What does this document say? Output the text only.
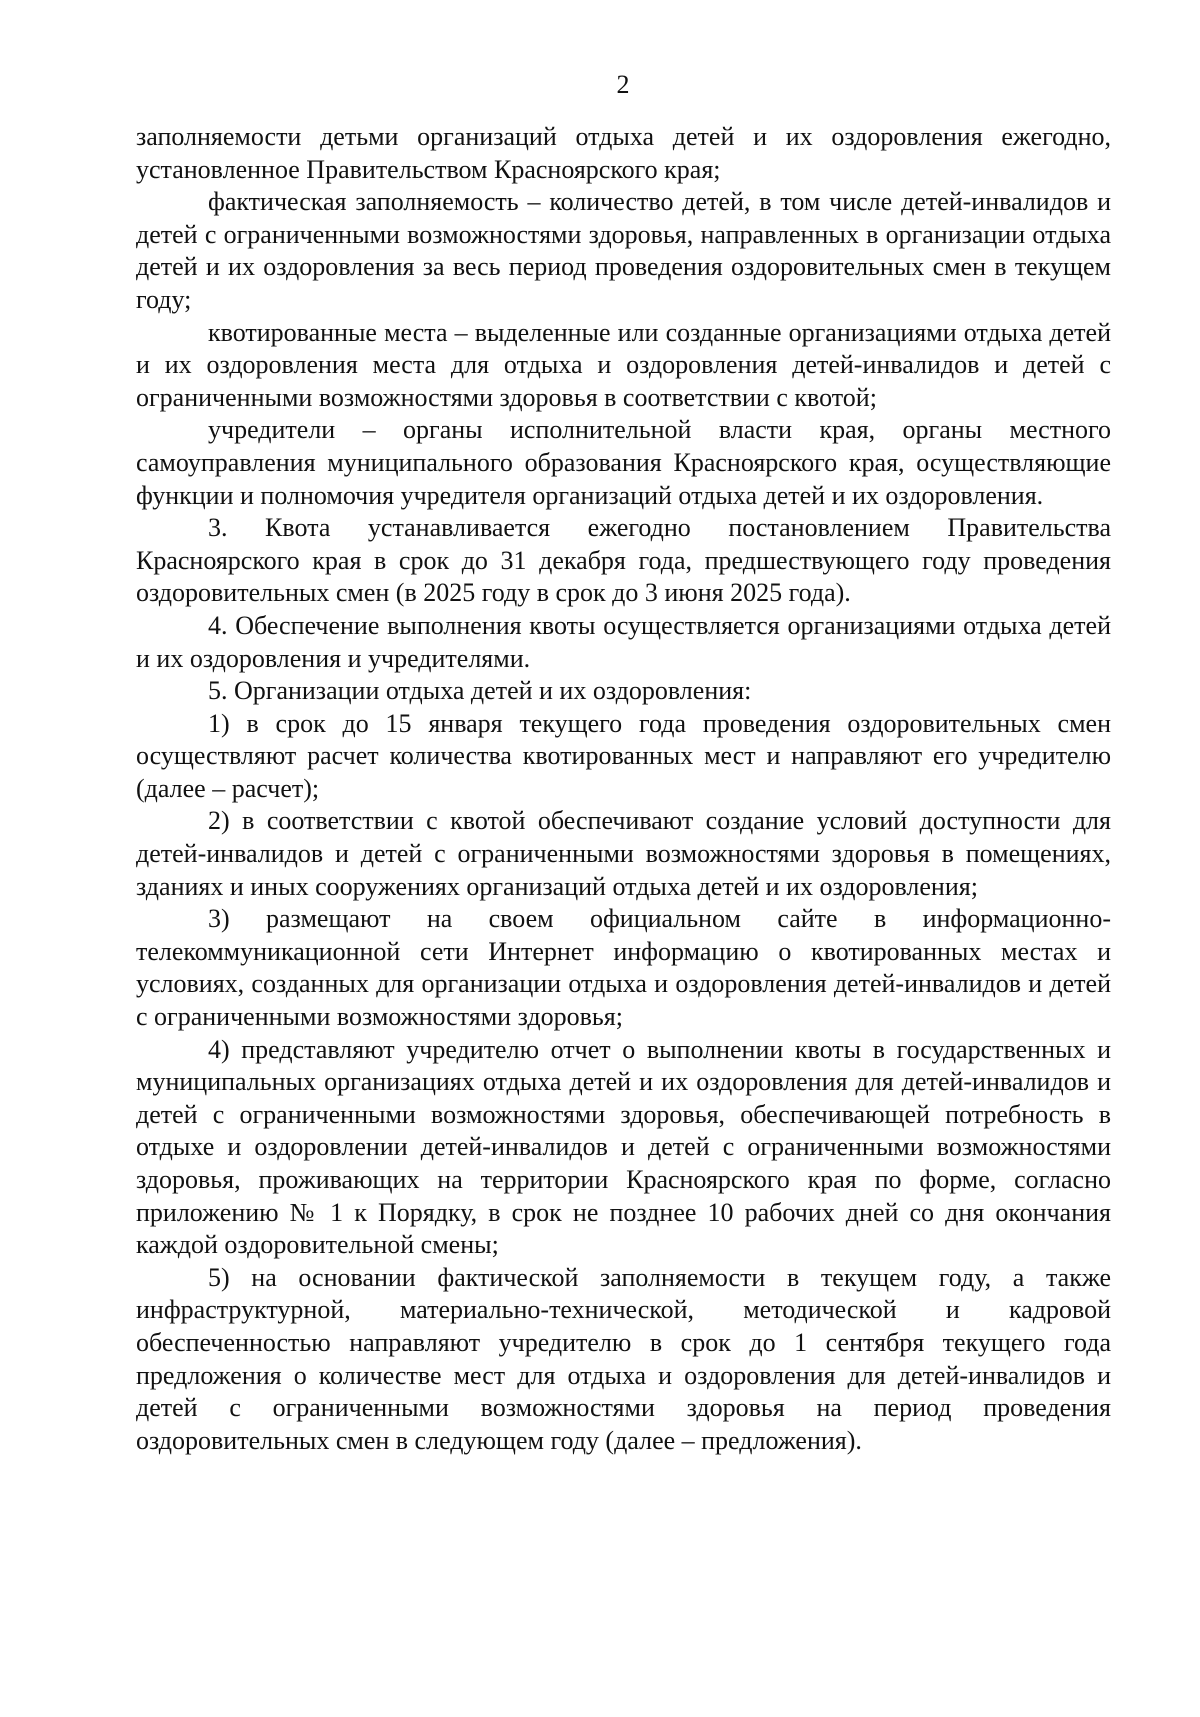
2

заполняемости детьми организаций отдыха детей и их оздоровления ежегодно, установленное Правительством Красноярского края;

фактическая заполняемость – количество детей, в том числе детей-инвалидов и детей с ограниченными возможностями здоровья, направленных в организации отдыха детей и их оздоровления за весь период проведения оздоровительных смен в текущем году;

квотированные места – выделенные или созданные организациями отдыха детей и их оздоровления места для отдыха и оздоровления детей-инвалидов и детей с ограниченными возможностями здоровья в соответствии с квотой;

учредители – органы исполнительной власти края, органы местного самоуправления муниципального образования Красноярского края, осуществляющие функции и полномочия учредителя организаций отдыха детей и их оздоровления.

3. Квота устанавливается ежегодно постановлением Правительства Красноярского края в срок до 31 декабря года, предшествующего году проведения оздоровительных смен (в 2025 году в срок до 3 июня 2025 года).

4. Обеспечение выполнения квоты осуществляется организациями отдыха детей и их оздоровления и учредителями.

5. Организации отдыха детей и их оздоровления:

1) в срок до 15 января текущего года проведения оздоровительных смен осуществляют расчет количества квотированных мест и направляют его учредителю (далее – расчет);

2) в соответствии с квотой обеспечивают создание условий доступности для детей-инвалидов и детей с ограниченными возможностями здоровья в помещениях, зданиях и иных сооружениях организаций отдыха детей и их оздоровления;

3) размещают на своем официальном сайте в информационно-телекоммуникационной сети Интернет информацию о квотированных местах и условиях, созданных для организации отдыха и оздоровления детей-инвалидов и детей с ограниченными возможностями здоровья;

4) представляют учредителю отчет о выполнении квоты в государственных и муниципальных организациях отдыха детей и их оздоровления для детей-инвалидов и детей с ограниченными возможностями здоровья, обеспечивающей потребность в отдыхе и оздоровлении детей-инвалидов и детей с ограниченными возможностями здоровья, проживающих на территории Красноярского края по форме, согласно приложению № 1 к Порядку, в срок не позднее 10 рабочих дней со дня окончания каждой оздоровительной смены;

5) на основании фактической заполняемости в текущем году, а также инфраструктурной, материально-технической, методической и кадровой обеспеченностью направляют учредителю в срок до 1 сентября текущего года предложения о количестве мест для отдыха и оздоровления для детей-инвалидов и детей с ограниченными возможностями здоровья на период проведения оздоровительных смен в следующем году (далее – предложения).
